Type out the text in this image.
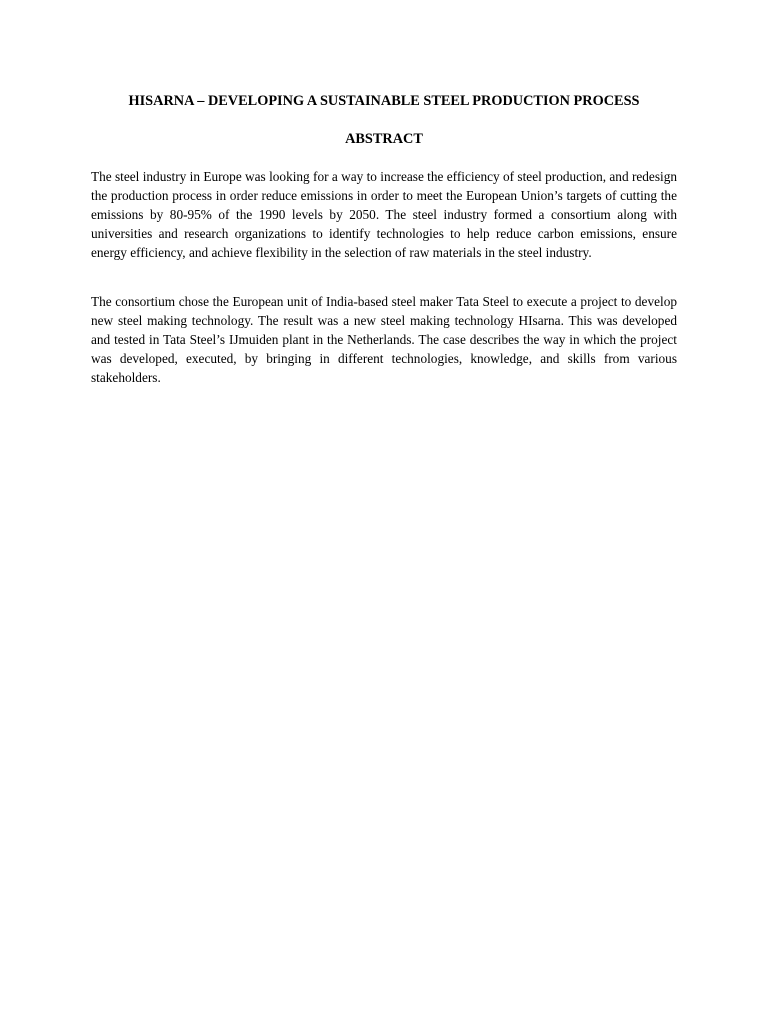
HISARNA – DEVELOPING A SUSTAINABLE STEEL PRODUCTION PROCESS
ABSTRACT

The steel industry in Europe was looking for a way to increase the efficiency of steel production, and redesign the production process in order reduce emissions in order to meet the European Union’s targets of cutting the emissions by 80-95% of the 1990 levels by 2050. The steel industry formed a consortium along with universities and research organizations to identify technologies to help reduce carbon emissions, ensure energy efficiency, and achieve flexibility in the selection of raw materials in the steel industry.

The consortium chose the European unit of India-based steel maker Tata Steel to execute a project to develop new steel making technology. The result was a new steel making technology HIsarna. This was developed and tested in Tata Steel’s IJmuiden plant in the Netherlands. The case describes the way in which the project was developed, executed, by bringing in different technologies, knowledge, and skills from various stakeholders.
